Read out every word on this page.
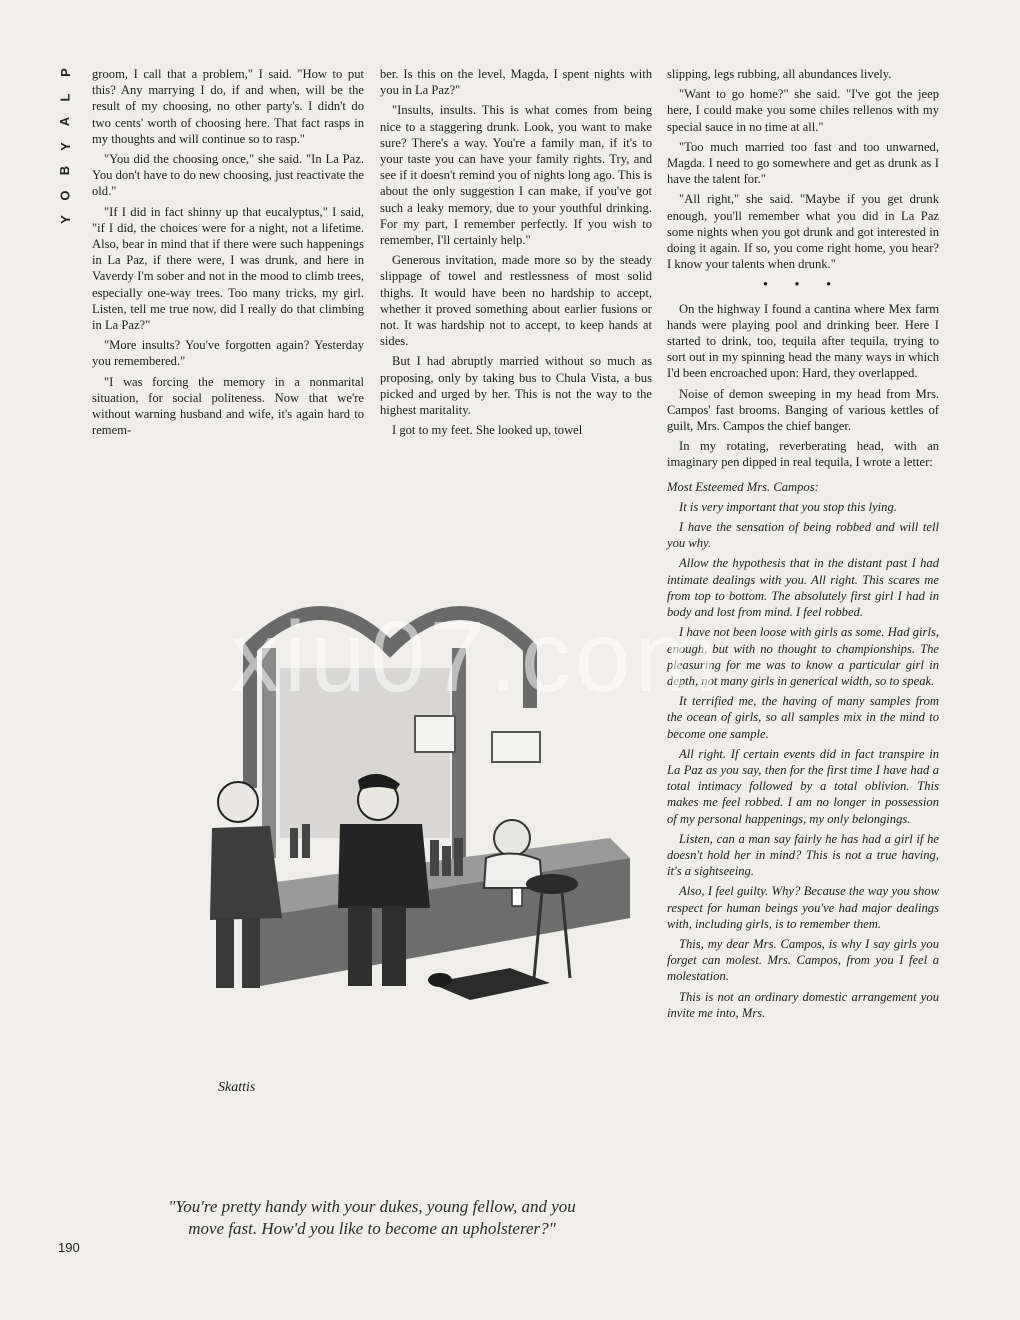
P
L
A
Y
B
O
Y

groom, I call that a problem," I said. "How to put this? Any marrying I do, if and when, will be the result of my choosing, no other party's. I didn't do two cents' worth of choosing here. That fact rasps in my thoughts and will continue so to rasp."

"You did the choosing once," she said. "In La Paz. You don't have to do new choosing, just reactivate the old."

"If I did in fact shinny up that eucalyptus," I said, "if I did, the choices were for a night, not a lifetime. Also, bear in mind that if there were such happenings in La Paz, if there were, I was drunk, and here in Vaverdy I'm sober and not in the mood to climb trees, especially one-way trees. Too many tricks, my girl. Listen, tell me true now, did I really do that climbing in La Paz?"

"More insults? You've forgotten again? Yesterday you remembered."

"I was forcing the memory in a nonmarital situation, for social politeness. Now that we're without warning husband and wife, it's again hard to remem-

ber. Is this on the level, Magda, I spent nights with you in La Paz?"

"Insults, insults. This is what comes from being nice to a staggering drunk. Look, you want to make sure? There's a way. You're a family man, if it's to your taste you can have your family rights. Try, and see if it doesn't remind you of nights long ago. This is about the only suggestion I can make, if you've got such a leaky memory, due to your youthful drinking. For my part, I remember perfectly. If you wish to remember, I'll certainly help."

Generous invitation, made more so by the steady slippage of towel and restlessness of most solid thighs. It would have been no hardship to accept, whether it proved something about earlier fusions or not. It was hardship not to accept, to keep hands at sides.

But I had abruptly married without so much as proposing, only by taking bus to Chula Vista, a bus picked and urged by her. This is not the way to the highest maritality.

I got to my feet. She looked up, towel

slipping, legs rubbing, all abundances lively.

"Want to go home?" she said. "I've got the jeep here, I could make you some chiles rellenos with my special sauce in no time at all."

"Too much married too fast and too unwarned, Magda. I need to go somewhere and get as drunk as I have the talent for."

"All right," she said. "Maybe if you get drunk enough, you'll remember what you did in La Paz some nights when you got drunk and got interested in doing it again. If so, you come right home, you hear? I know your talents when drunk."

• • •

On the highway I found a cantina where Mex farm hands were playing pool and drinking beer. Here I started to drink, too, tequila after tequila, trying to sort out in my spinning head the many ways in which I'd been encroached upon: Hard, they overlapped.

Noise of demon sweeping in my head from Mrs. Campos' fast brooms. Banging of various kettles of guilt, Mrs. Campos the chief banger.

In my rotating, reverberating head, with an imaginary pen dipped in real tequila, I wrote a letter:

Most Esteemed Mrs. Campos:

It is very important that you stop this lying.

I have the sensation of being robbed and will tell you why.

Allow the hypothesis that in the distant past I had intimate dealings with you. All right. This scares me from top to bottom. The absolutely first girl I had in body and lost from mind. I feel robbed.

I have not been loose with girls as some. Had girls, enough, but with no thought to championships. The pleasuring for me was to know a particular girl in depth, not many girls in generical width, so to speak.

It terrified me, the having of many samples from the ocean of girls, so all samples mix in the mind to become one sample.

All right. If certain events did in fact transpire in La Paz as you say, then for the first time I have had a total intimacy followed by a total oblivion. This makes me feel robbed. I am no longer in possession of my personal happenings, my only belongings.

Listen, can a man say fairly he has had a girl if he doesn't hold her in mind? This is not a true having, it's a sightseeing.

Also, I feel guilty. Why? Because the way you show respect for human beings you've had major dealings with, including girls, is to remember them.

This, my dear Mrs. Campos, is why I say girls you forget can molest. Mrs. Campos, from you I feel a molestation.

This is not an ordinary domestic arrangement you invite me into, Mrs.

Skattis
"You're pretty handy with your dukes, young fellow, and you move fast. How'd you like to become an upholsterer?"
xiu07.com
190
